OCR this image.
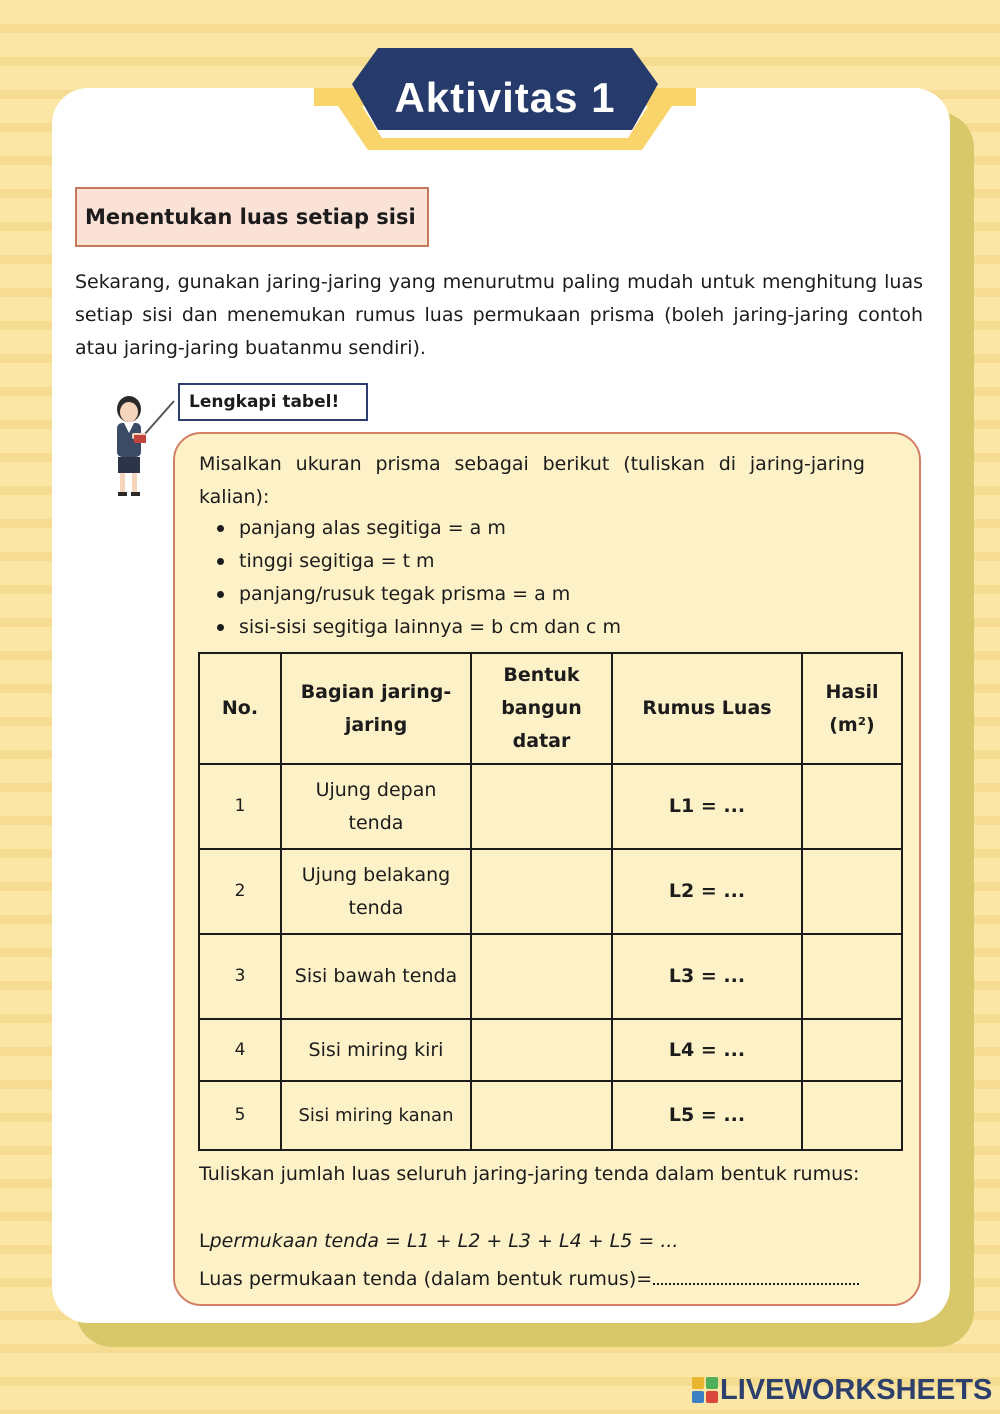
Aktivitas 1
Menentukan luas setiap sisi
Sekarang, gunakan jaring-jaring yang menurutmu paling mudah untuk menghitung luas setiap sisi dan menemukan rumus luas permukaan prisma (boleh jaring-jaring contoh atau jaring-jaring buatanmu sendiri).
Lengkapi tabel!
Misalkan ukuran prisma sebagai berikut (tuliskan di jaring-jaring kalian):
panjang alas segitiga = a m
tinggi segitiga = t m
panjang/rusuk tegak prisma = a m
sisi-sisi segitiga lainnya = b cm dan c m
No.	Bagian jaring-jaring	Bentuk bangun datar	Rumus Luas	Hasil (m²)
1	Ujung depan tenda		L1 = ...	
2	Ujung belakang tenda		L2 = ...	
3	Sisi bawah tenda		L3 = ...	
4	Sisi miring kiri		L4 = ...	
5	Sisi miring kanan		L5 = ...	
Tuliskan jumlah luas seluruh jaring-jaring tenda dalam bentuk rumus:
Lpermukaan tenda = L1 + L2 + L3 + L4 + L5 = ...
Luas permukaan tenda (dalam bentuk rumus)=
LIVEWORKSHEETS
